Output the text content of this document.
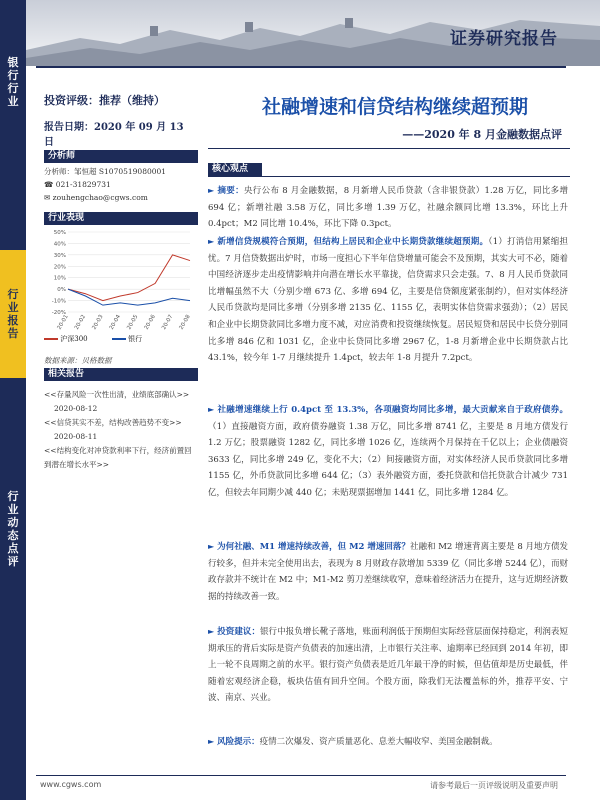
证券研究报告
银
行
行
业
行
业
报
告
行
业
动
态
点
评
投资评级：推荐（维持）
报告日期：2020 年 09 月 13 日
分析师
分析师：邹恒超 S1070519080001
☎ 021-31829731
✉ zouhengchao@cgws.com
行业表现
50%
40%
30%
20%
10%
0%
-10%
-20%
20-01 20-02 20-03 20-04 20-05 20-06 20-07 20-08
沪深300	银行
数据来源：贝格数据
相关报告
<<存量风险一次性出清，业绩底部确认>>
2020-08-12
<<信贷其实不差，结构改善趋势不变>>
2020-08-11
<<结构变化对冲贷款利率下行，经济前置回到潜在增长水平>>
社融增速和信贷结构继续超预期
——2020 年 8 月金融数据点评
核心观点
► 摘要：央行公布 8 月金融数据，8 月新增人民币贷款（含非银贷款）1.28 万亿，同比多增 694 亿；新增社融 3.58 万亿，同比多增 1.39 万亿，社融余额同比增 13.3%，环比上升 0.4pct；M2 同比增 10.4%，环比下降 0.3pct。
► 新增信贷规模符合预期，但结构上居民和企业中长期贷款继续超预期。（1）打消信用紧缩担忧。7 月信贷数据出炉时，市场一度担心下半年信贷增量可能会不及预期，其实大可不必，随着中国经济逐步走出疫情影响并向潜在增长水平靠拢，信贷需求只会走强。7、8 月人民币贷款同比增幅虽然不大（分别少增 673 亿、多增 694 亿，主要是信贷额度紧张制约），但对实体经济人民币贷款均是同比多增（分别多增 2135 亿、1155 亿，表明实体信贷需求强劲）；（2）居民和企业中长期贷款同比多增力度不减，对应消费和投资继续恢复。居民短贷和居民中长贷分别同比多增 846 亿和 1031 亿，企业中长贷同比多增 2967 亿，1-8 月新增企业中长期贷款占比 43.1%，较今年 1-7 月继续提升 1.4pct，较去年 1-8 月提升 7.2pct。
► 社融增速继续上行 0.4pct 至 13.3%，各项融资均同比多增，最大贡献来自于政府债券。（1）直接融资方面，政府债券融资 1.38 万亿，同比多增 8741 亿，主要是 8 月地方债发行 1.2 万亿；股票融资 1282 亿，同比多增 1026 亿，连续两个月保持在千亿以上；企业债融资 3633 亿，同比多增 249 亿，变化不大；（2）间接融资方面，对实体经济人民币贷款同比多增 1155 亿，外币贷款同比多增 644 亿；（3）表外融资方面，委托贷款和信托贷款合计减少 731 亿，但较去年同期少减 440 亿；未贴现票据增加 1441 亿，同比多增 1284 亿。
► 为何社融、M1 增速持续改善，但 M2 增速回落？社融和 M2 增速背离主要是 8 月地方债发行较多，但并未完全使用出去，表现为 8 月财政存款增加 5339 亿（同比多增 5244 亿），而财政存款并不统计在 M2 中；M1-M2 剪刀差继续收窄，意味着经济活力在提升，这与近期经济数据的持续改善一致。
► 投资建议：银行中报负增长靴子落地，账面利润低于预期但实际经营层面保持稳定，利润表短期承压的背后实际是资产负债表的加速出清，上市银行关注率、逾期率已经回到 2014 年初，即上一轮不良周期之前的水平。银行资产负债表是近几年最干净的时候，但估值却是历史最低，伴随着宏观经济企稳，板块估值有回升空间。个股方面，除我们无法覆盖标的外，推荐平安、宁波、南京、兴业。
► 风险提示：疫情二次爆发、资产质量恶化、息差大幅收窄、美国金融制裁。
www.cgws.com	请参考最后一页评级说明及重要声明
